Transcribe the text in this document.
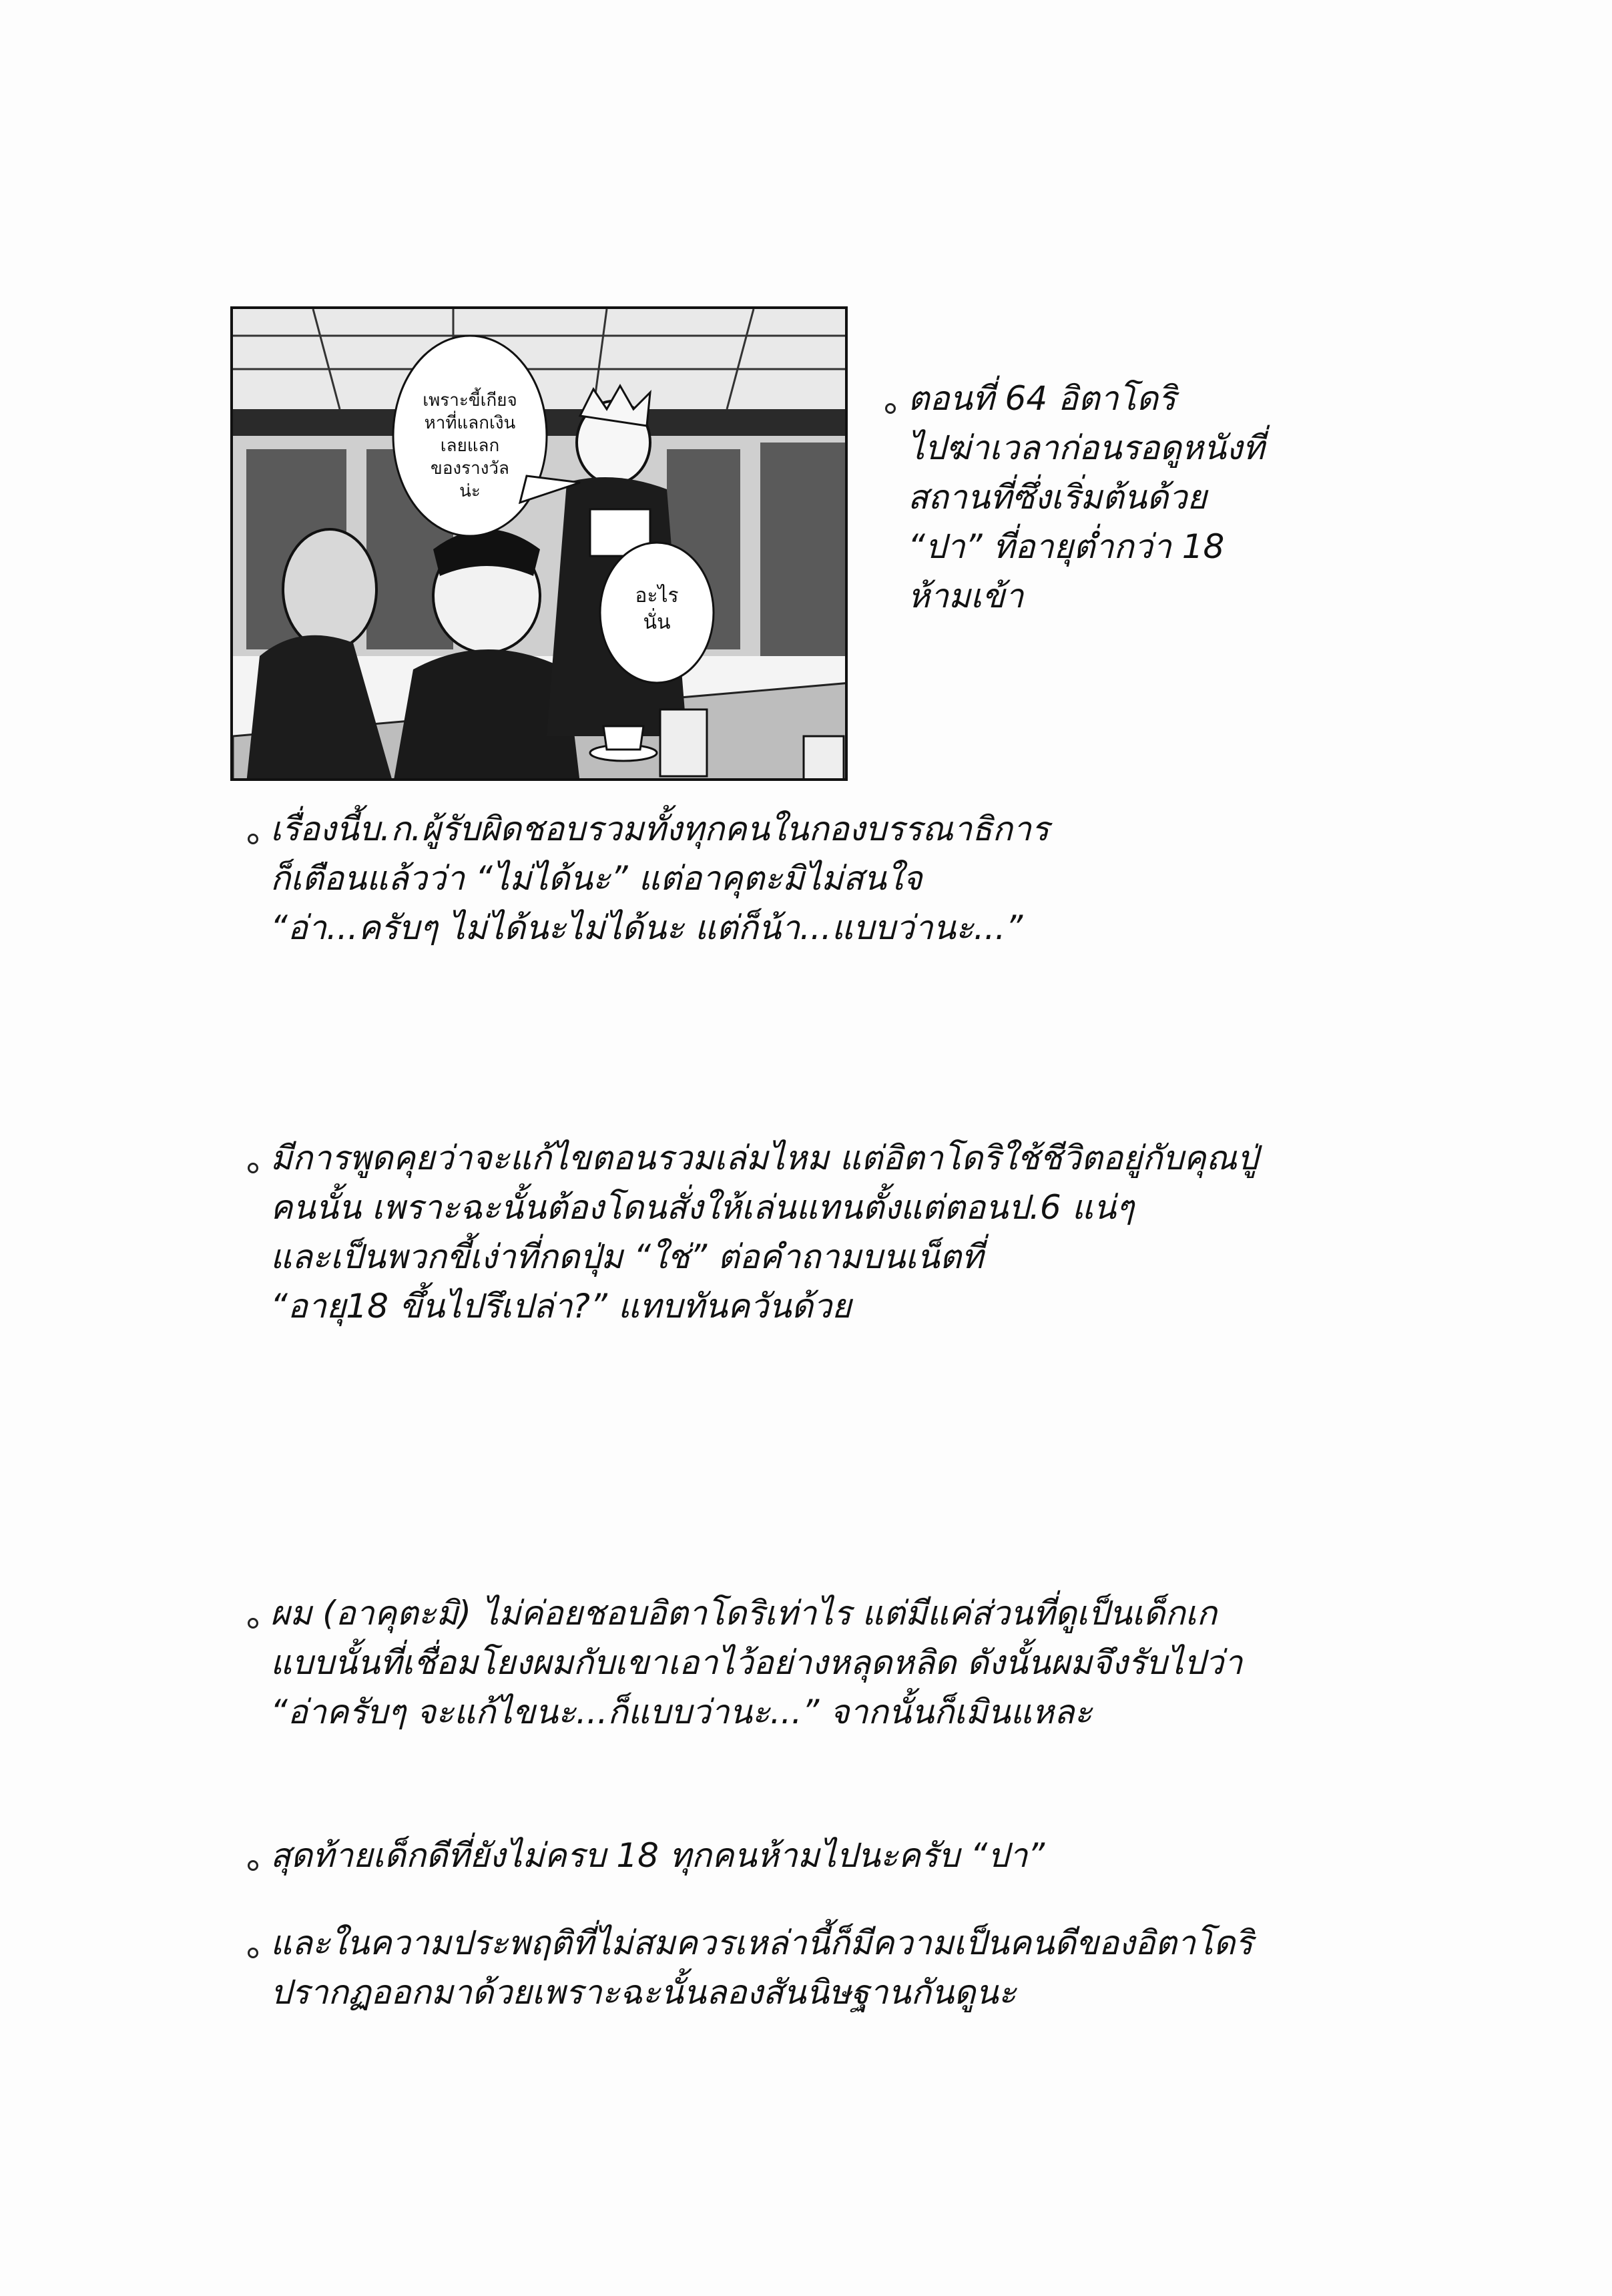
เพราะขี้เกียจ
หาที่แลกเงิน
เลยแลก
ของรางวัล
น่ะ
อะไร
นั่น
ตอนที่ 64 อิตาโดริ
ไปฆ่าเวลาก่อนรอดูหนังที่
สถานที่ซึ่งเริ่มต้นด้วย
“ปา” ที่อายุต่ำกว่า 18
ห้ามเข้า
เรื่องนี้บ.ก.ผู้รับผิดชอบรวมทั้งทุกคนในกองบรรณาธิการ
ก็เตือนแล้วว่า “ไม่ได้นะ” แต่อาคุตะมิไม่สนใจ
“อ่า...ครับๆ ไม่ได้นะไม่ได้นะ แต่ก็น้า...แบบว่านะ...”
มีการพูดคุยว่าจะแก้ไขตอนรวมเล่มไหม แต่อิตาโดริใช้ชีวิตอยู่กับคุณปู่
คนนั้น เพราะฉะนั้นต้องโดนสั่งให้เล่นแทนตั้งแต่ตอนป.6 แน่ๆ
และเป็นพวกขี้เง่าที่กดปุ่ม “ใช่” ต่อคำถามบนเน็ตที่
“อายุ18 ขึ้นไปรึเปล่า?” แทบทันควันด้วย
ผม (อาคุตะมิ) ไม่ค่อยชอบอิตาโดริเท่าไร แต่มีแค่ส่วนที่ดูเป็นเด็กเก
แบบนั้นที่เชื่อมโยงผมกับเขาเอาไว้อย่างหลุดหลิด ดังนั้นผมจึงรับไปว่า
“อ่าครับๆ จะแก้ไขนะ...ก็แบบว่านะ...” จากนั้นก็เมินแหละ
สุดท้ายเด็กดีที่ยังไม่ครบ 18 ทุกคนห้ามไปนะครับ “ปา”
และในความประพฤติที่ไม่สมควรเหล่านี้ก็มีความเป็นคนดีของอิตาโดริ
ปรากฏออกมาด้วยเพราะฉะนั้นลองสันนิษฐานกันดูนะ
